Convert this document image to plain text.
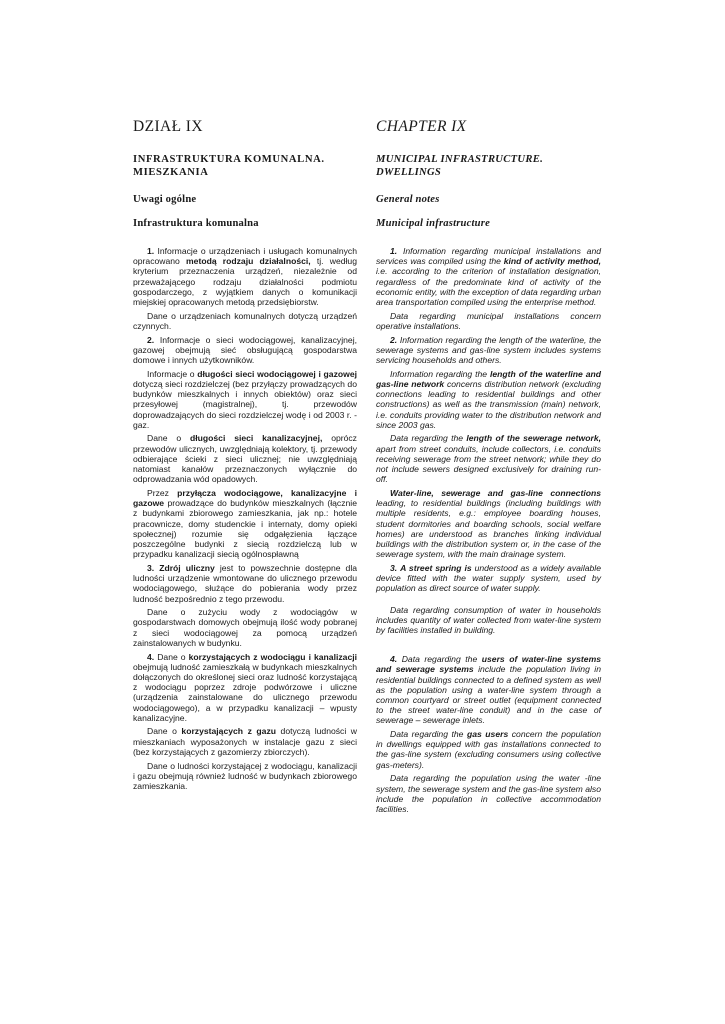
DZIAŁ IX
INFRASTRUKTURA KOMUNALNA. MIESZKANIA
Uwagi ogólne
Infrastruktura komunalna

1. Informacje o urządzeniach i usługach komunalnych opracowano metodą rodzaju działalności, tj. według kryterium przeznaczenia urządzeń, niezależnie od przeważającego rodzaju działalności podmiotu gospodarczego, z wyjątkiem danych o komunikacji miejskiej opracowanych metodą przedsiębiorstw.

Dane o urządzeniach komunalnych dotyczą urządzeń czynnych.

2. Informacje o sieci wodociągowej, kanalizacyjnej, gazowej obejmują sieć obsługującą gospodarstwa domowe i innych użytkowników.

Informacje o długości sieci wodociągowej i gazowej dotyczą sieci rozdzielczej (bez przyłączy prowadzących do budynków mieszkalnych i innych obiektów) oraz sieci przesyłowej (magistralnej), tj. przewodów doprowadzających do sieci rozdzielczej wodę i od 2003 r. - gaz.

Dane o długości sieci kanalizacyjnej, oprócz przewodów ulicznych, uwzględniają kolektory, tj. przewody odbierające ścieki z sieci ulicznej; nie uwzględniają natomiast kanałów przeznaczonych wyłącznie do odprowadzania wód opadowych.

Przez przyłącza wodociągowe, kanalizacyjne i gazowe prowadzące do budynków mieszkalnych (łącznie z budynkami zbiorowego zamieszkania, jak np.: hotele pracownicze, domy studenckie i internaty, domy opieki społecznej) rozumie się odgałęzienia łączące poszczególne budynki z siecią rozdzielczą lub w przypadku kanalizacji siecią ogólnospławną

3. Zdrój uliczny jest to powszechnie dostępne dla ludności urządzenie wmontowane do ulicznego przewodu wodociągowego, służące do pobierania wody przez ludność bezpośrednio z tego przewodu.

Dane o zużyciu wody z wodociągów w gospodarstwach domowych obejmują ilość wody pobranej z sieci wodociągowej za pomocą urządzeń zainstalowanych w budynku.

4. Dane o korzystających z wodociągu i kanalizacji obejmują ludność zamieszkałą w budynkach mieszkalnych dołączonych do określonej sieci oraz ludność korzystającą z wodociągu poprzez zdroje podwórzowe i uliczne (urządzenia zainstalowane do ulicznego przewodu wodociągowego), a w przypadku kanalizacji – wpusty kanalizacyjne.

Dane o korzystających z gazu dotyczą ludności w mieszkaniach wyposażonych w instalacje gazu z sieci (bez korzystających z gazomierzy zbiorczych).

Dane o ludności korzystającej z wodociągu, kanalizacji i gazu obejmują również ludność w budynkach zbiorowego zamieszkania.

CHAPTER IX
MUNICIPAL INFRASTRUCTURE. DWELLINGS
General notes
Municipal infrastructure

1. Information regarding municipal installations and services was compiled using the kind of activity method, i.e. according to the criterion of installation designation, regardless of the predominate kind of activity of the economic entity, with the exception of data regarding urban area transportation compiled using the enterprise method.

Data regarding municipal installations concern operative installations.

2. Information regarding the length of the waterline, the sewerage systems and gas-line system includes systems servicing households and others.

Information regarding the length of the waterline and gas-line network concerns distribution network (excluding connections leading to residential buildings and other constructions) as well as the transmission (main) network, i.e. conduits providing water to the distribution network and since 2003 gas.

Data regarding the length of the sewerage network, apart from street conduits, include collectors, i.e. conduits receiving sewerage from the street network; while they do not include sewers designed exclusively for draining run-off.

Water-line, sewerage and gas-line connections leading, to residential buildings (including buildings with multiple residents, e.g.: employee boarding houses, student dormitories and boarding schools, social welfare homes) are understood as branches linking individual buildings with the distribution system or, in the case of the sewerage system, with the main drainage system.

3. A street spring is understood as a widely available device fitted with the water supply system, used by population as direct source of water supply.

Data regarding consumption of water in households includes quantity of water collected from water-line system by facilities installed in building.

4. Data regarding the users of water-line systems and sewerage systems include the population living in residential buildings connected to a defined system as well as the population using a water-line system through a common courtyard or street outlet (equipment connected to the street water-line conduit) and in the case of sewerage – sewerage inlets.

Data regarding the gas users concern the population in dwellings equipped with gas installations connected to the gas-line system (excluding consumers using collective gas-meters).

Data regarding the population using the water -line system, the sewerage system and the gas-line system also include the population in collective accommodation facilities.
